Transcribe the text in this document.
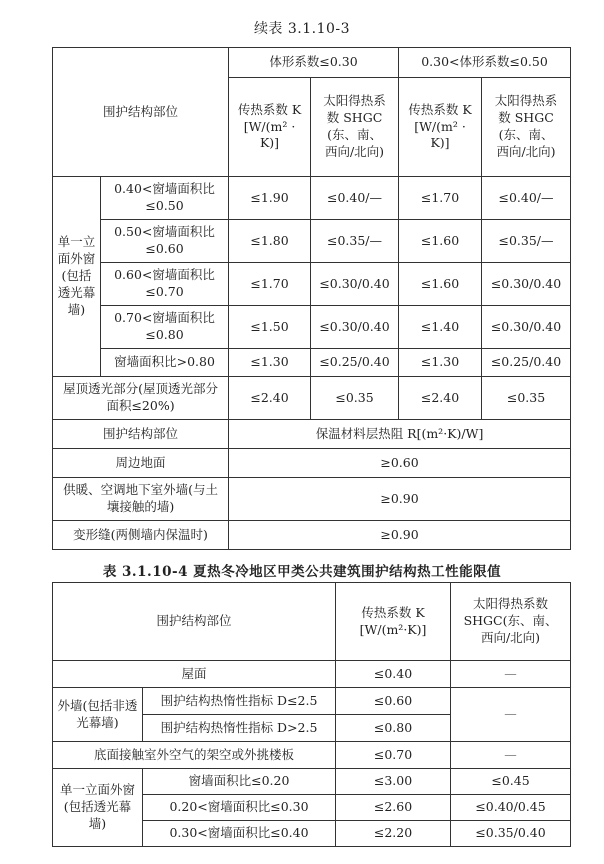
续表 3.1.10-3
围护结构部位		体形系数≤0.30		0.30<体形系数≤0.50	
		传热系数 K
[W/(m² ·
K)]	太阳得热系
数 SHGC
(东、南、
西向/北向)	传热系数 K
[W/(m² ·
K)]	太阳得热系
数 SHGC
(东、南、
西向/北向)
单一立面外窗(包括透光幕墙)	0.40<窗墙面积比≤0.50	≤1.90	≤0.40/—	≤1.70	≤0.40/—
	0.50<窗墙面积比≤0.60	≤1.80	≤0.35/—	≤1.60	≤0.35/—
	0.60<窗墙面积比≤0.70	≤1.70	≤0.30/0.40	≤1.60	≤0.30/0.40
	0.70<窗墙面积比≤0.80	≤1.50	≤0.30/0.40	≤1.40	≤0.30/0.40
	窗墙面积比>0.80	≤1.30	≤0.25/0.40	≤1.30	≤0.25/0.40
屋顶透光部分(屋顶透光部分面积≤20%)		≤2.40	≤0.35	≤2.40	≤0.35
围护结构部位		保温材料层热阻 R[(m²·K)/W]			
周边地面		≥0.60			
供暖、空调地下室外墙(与土壤接触的墙)		≥0.90			
变形缝(两侧墙内保温时)		≥0.90			
表 3.1.10-4 夏热冬冷地区甲类公共建筑围护结构热工性能限值
围护结构部位		传热系数 K
[W/(m²·K)]	太阳得热系数
SHGC(东、南、
西向/北向)
屋面		≤0.40	—
外墙(包括非透光幕墙)	围护结构热惰性指标 D≤2.5	≤0.60	—
	围护结构热惰性指标 D>2.5	≤0.80	
底面接触室外空气的架空或外挑楼板		≤0.70	—
单一立面外窗(包括透光幕墙)	窗墙面积比≤0.20	≤3.00	≤0.45
	0.20<窗墙面积比≤0.30	≤2.60	≤0.40/0.45
	0.30<窗墙面积比≤0.40	≤2.20	≤0.35/0.40
